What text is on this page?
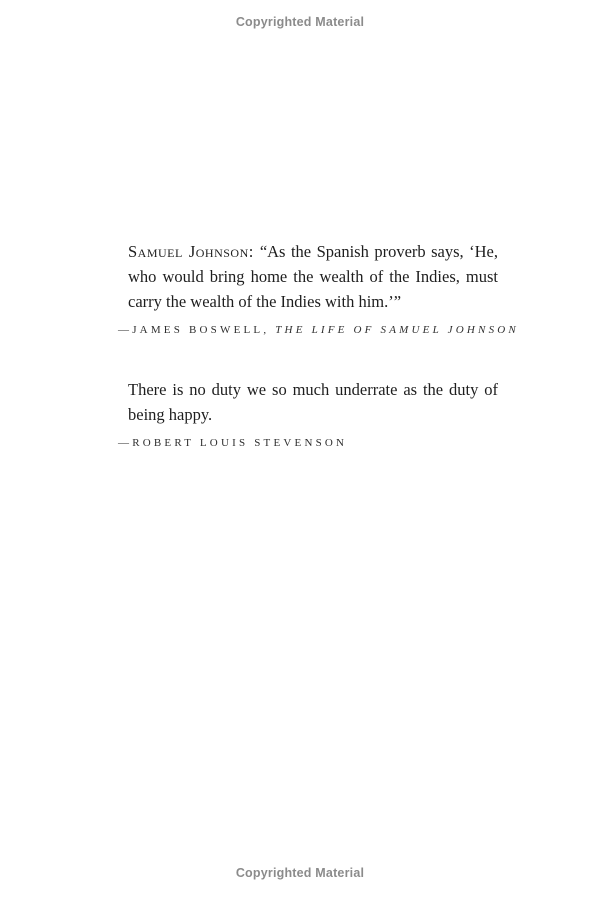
Copyrighted Material

Samuel Johnson: “As the Spanish proverb says, ‘He, who would bring home the wealth of the Indies, must carry the wealth of the Indies with him.’”

—JAMES BOSWELL, THE LIFE OF SAMUEL JOHNSON

There is no duty we so much underrate as the duty of being happy.

—ROBERT LOUIS STEVENSON

Copyrighted Material
